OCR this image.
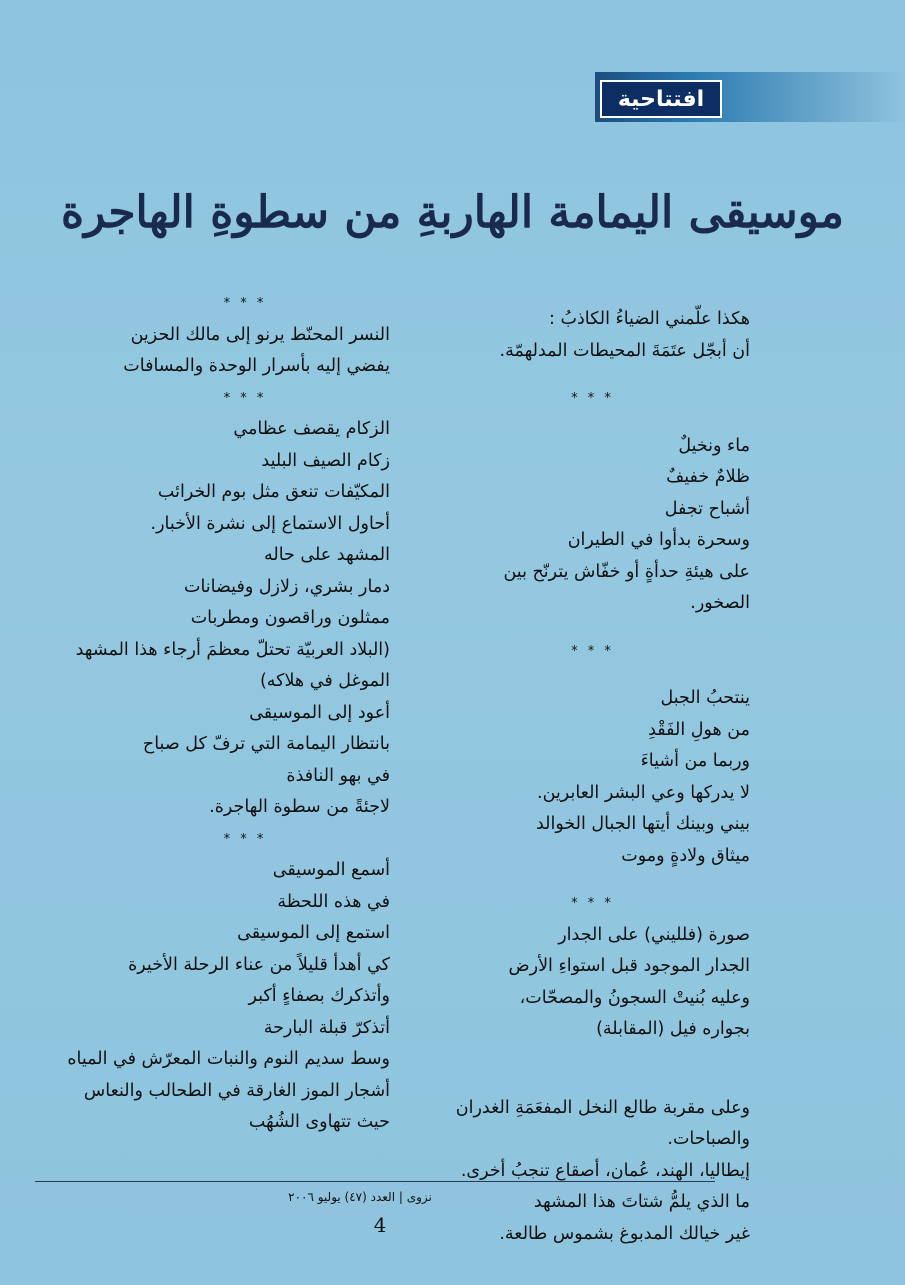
افتتاحية
موسيقى اليمامة الهاربةِ من سطوةِ الهاجرة
هكذا علّمني الضياءُ الكاذبُ :
أن أبجّل عتَمَةَ المحيطات المدلهمّة.
* * *
ماء ونخيلٌ
ظلامٌ خفيفٌ
أشباح تجفل
وسحرة بدأوا في الطيران
على هيئةِ حدأةٍ أو خفّاش يترنّح بين
الصخور.
* * *
ينتحبُ الجبل
من هولِ الفَقْدِ
وربما من أشياءَ
لا يدركها وعي البشر العابرين.
بيني وبينك أيتها الجبال الخوالد
ميثاق ولادةٍ وموت
* * *
صورة (فلليني) على الجدار
الجدار الموجود قبل استواءِ الأرض
وعليه بُنيتْ السجونُ والمصحّات،
بجواره فيل (المقابلة)
وعلى مقربة طالع النخل المفعَمَةِ الغدران
والصباحات.
إيطاليا، الهند، عُمان، أصقاع تنجبُ أخرى.
ما الذي يلمُّ شتاتَ هذا المشهد
غير خيالك المدبوغ بشموس طالعة.
* * *
النسر المحنّط يرنو إلى مالك الحزين
يفضي إليه بأسرار الوحدة والمسافات
* * *
الزكام يقصف عظامي
زكام الصيف البليد
المكيّفات تنعق مثل بوم الخرائب
أحاول الاستماع إلى نشرة الأخبار.
المشهد على حاله
دمار بشري، زلازل وفيضانات
ممثلون وراقصون ومطربات
(البلاد العربيّة تحتلّ معظمَ أرجاء هذا المشهد
الموغل في هلاكه)
أعود إلى الموسيقى
بانتظار اليمامة التي ترفّ كل صباح
في بهو النافذة
لاجئةً من سطوة الهاجرة.
* * *
أسمع الموسيقى
في هذه اللحظة
استمع إلى الموسيقى
كي أهدأ قليلاً من عناء الرحلة الأخيرة
وأتذكرك بصفاءٍ أكبر
أتذكرّ قبلة البارحة
وسط سديم النوم والنبات المعرّش في المياه
أشجار الموز الغارقة في الطحالب والنعاس
حيث تتهاوى الشُهُب
نزوى | العدد (٤٧) يوليو ٢٠٠٦
4
